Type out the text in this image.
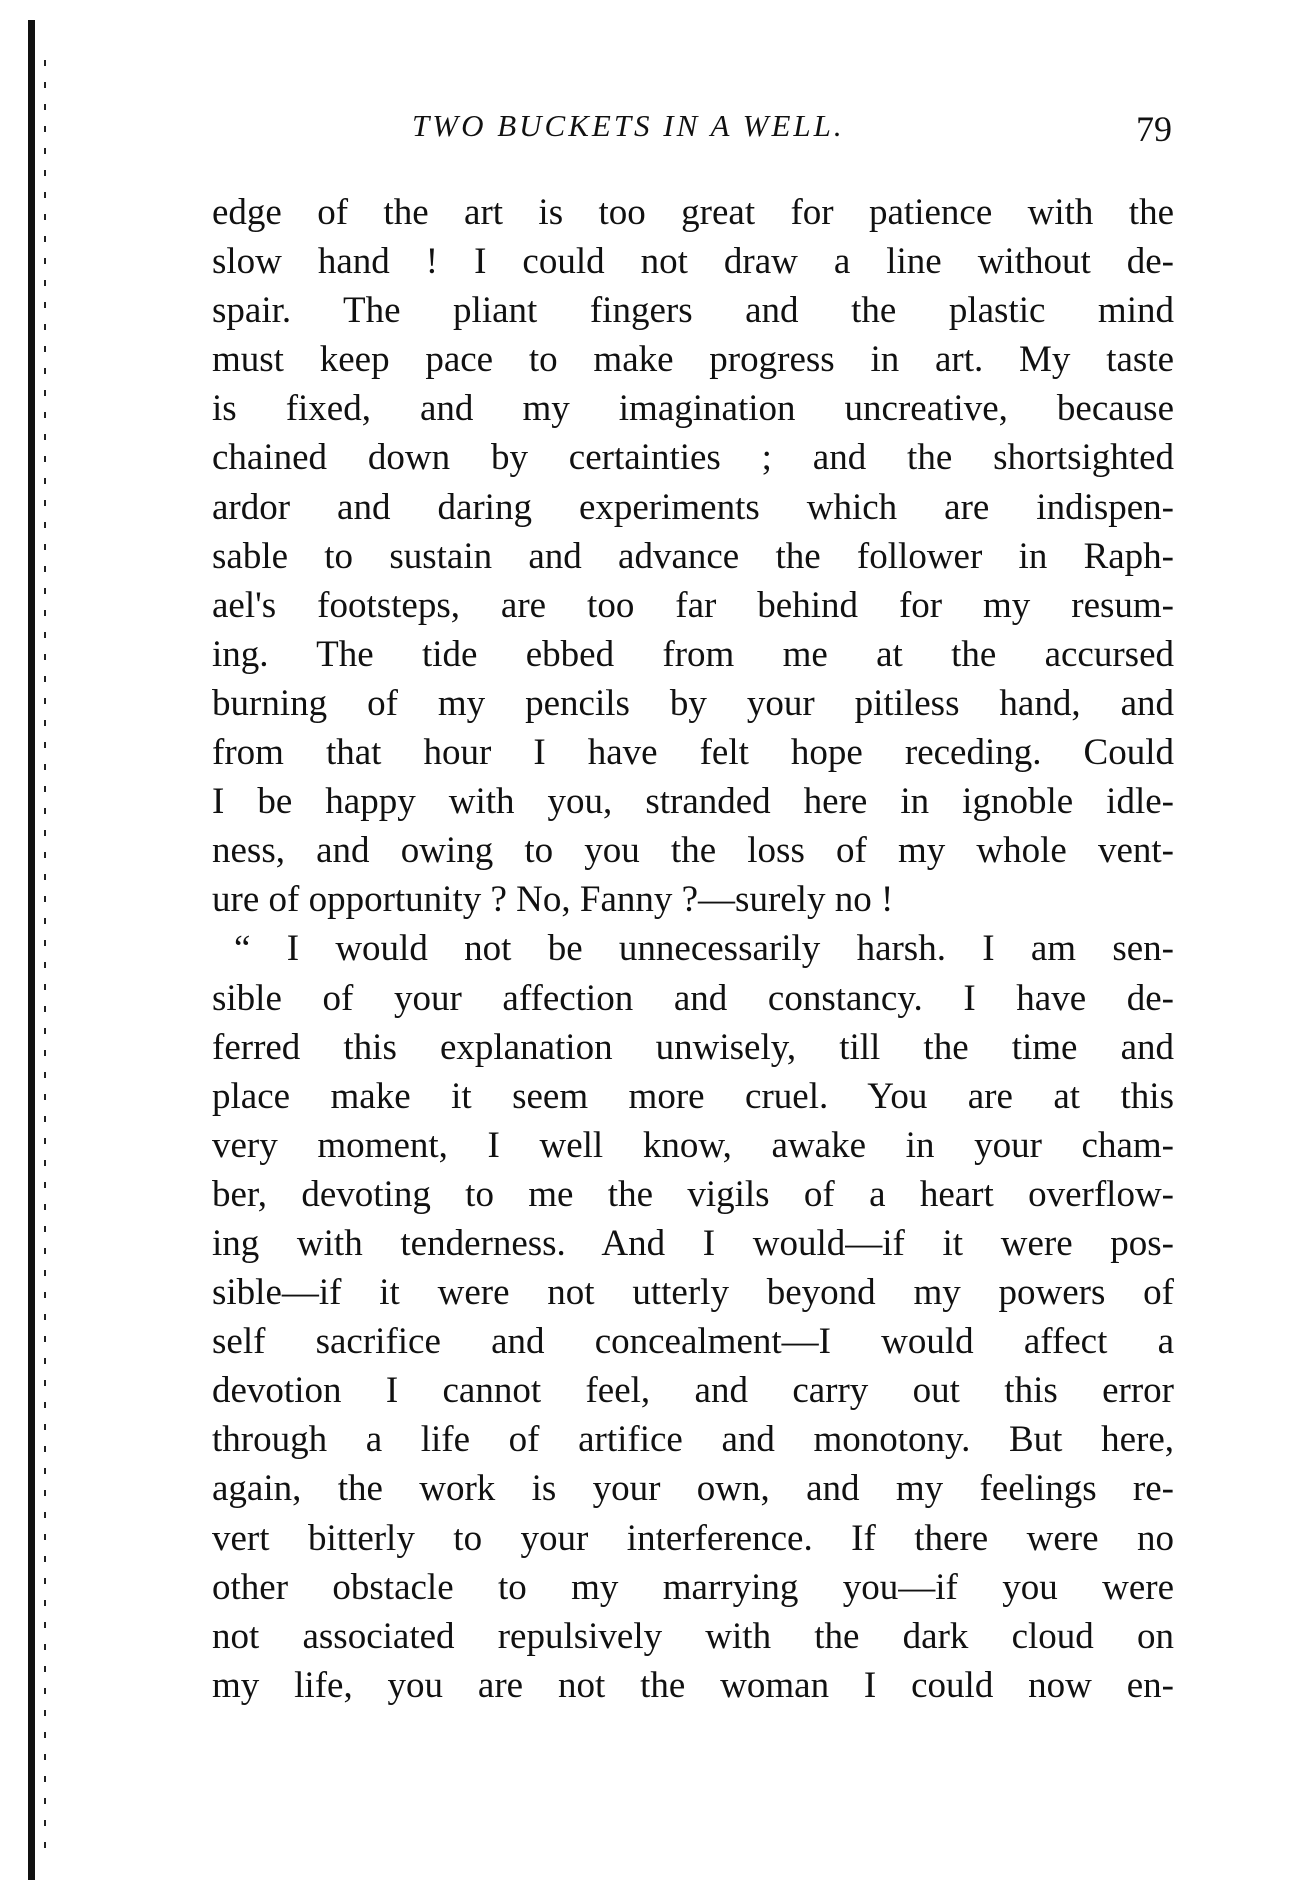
TWO BUCKETS IN A WELL.	79
edge of the art is too great for patience with the
slow hand ! I could not draw a line without de-
spair. The pliant fingers and the plastic mind
must keep pace to make progress in art. My taste
is fixed, and my imagination uncreative, because
chained down by certainties ; and the shortsighted
ardor and daring experiments which are indispen-
sable to sustain and advance the follower in Raph-
ael's footsteps, are too far behind for my resum-
ing. The tide ebbed from me at the accursed
burning of my pencils by your pitiless hand, and
from that hour I have felt hope receding. Could
I be happy with you, stranded here in ignoble idle-
ness, and owing to you the loss of my whole vent-
ure of opportunity ? No, Fanny ?—surely no !
“ I would not be unnecessarily harsh. I am sen-
sible of your affection and constancy. I have de-
ferred this explanation unwisely, till the time and
place make it seem more cruel. You are at this
very moment, I well know, awake in your cham-
ber, devoting to me the vigils of a heart overflow-
ing with tenderness. And I would—if it were pos-
sible—if it were not utterly beyond my powers of
self sacrifice and concealment—I would affect a
devotion I cannot feel, and carry out this error
through a life of artifice and monotony. But here,
again, the work is your own, and my feelings re-
vert bitterly to your interference. If there were no
other obstacle to my marrying you—if you were
not associated repulsively with the dark cloud on
my life, you are not the woman I could now en-
